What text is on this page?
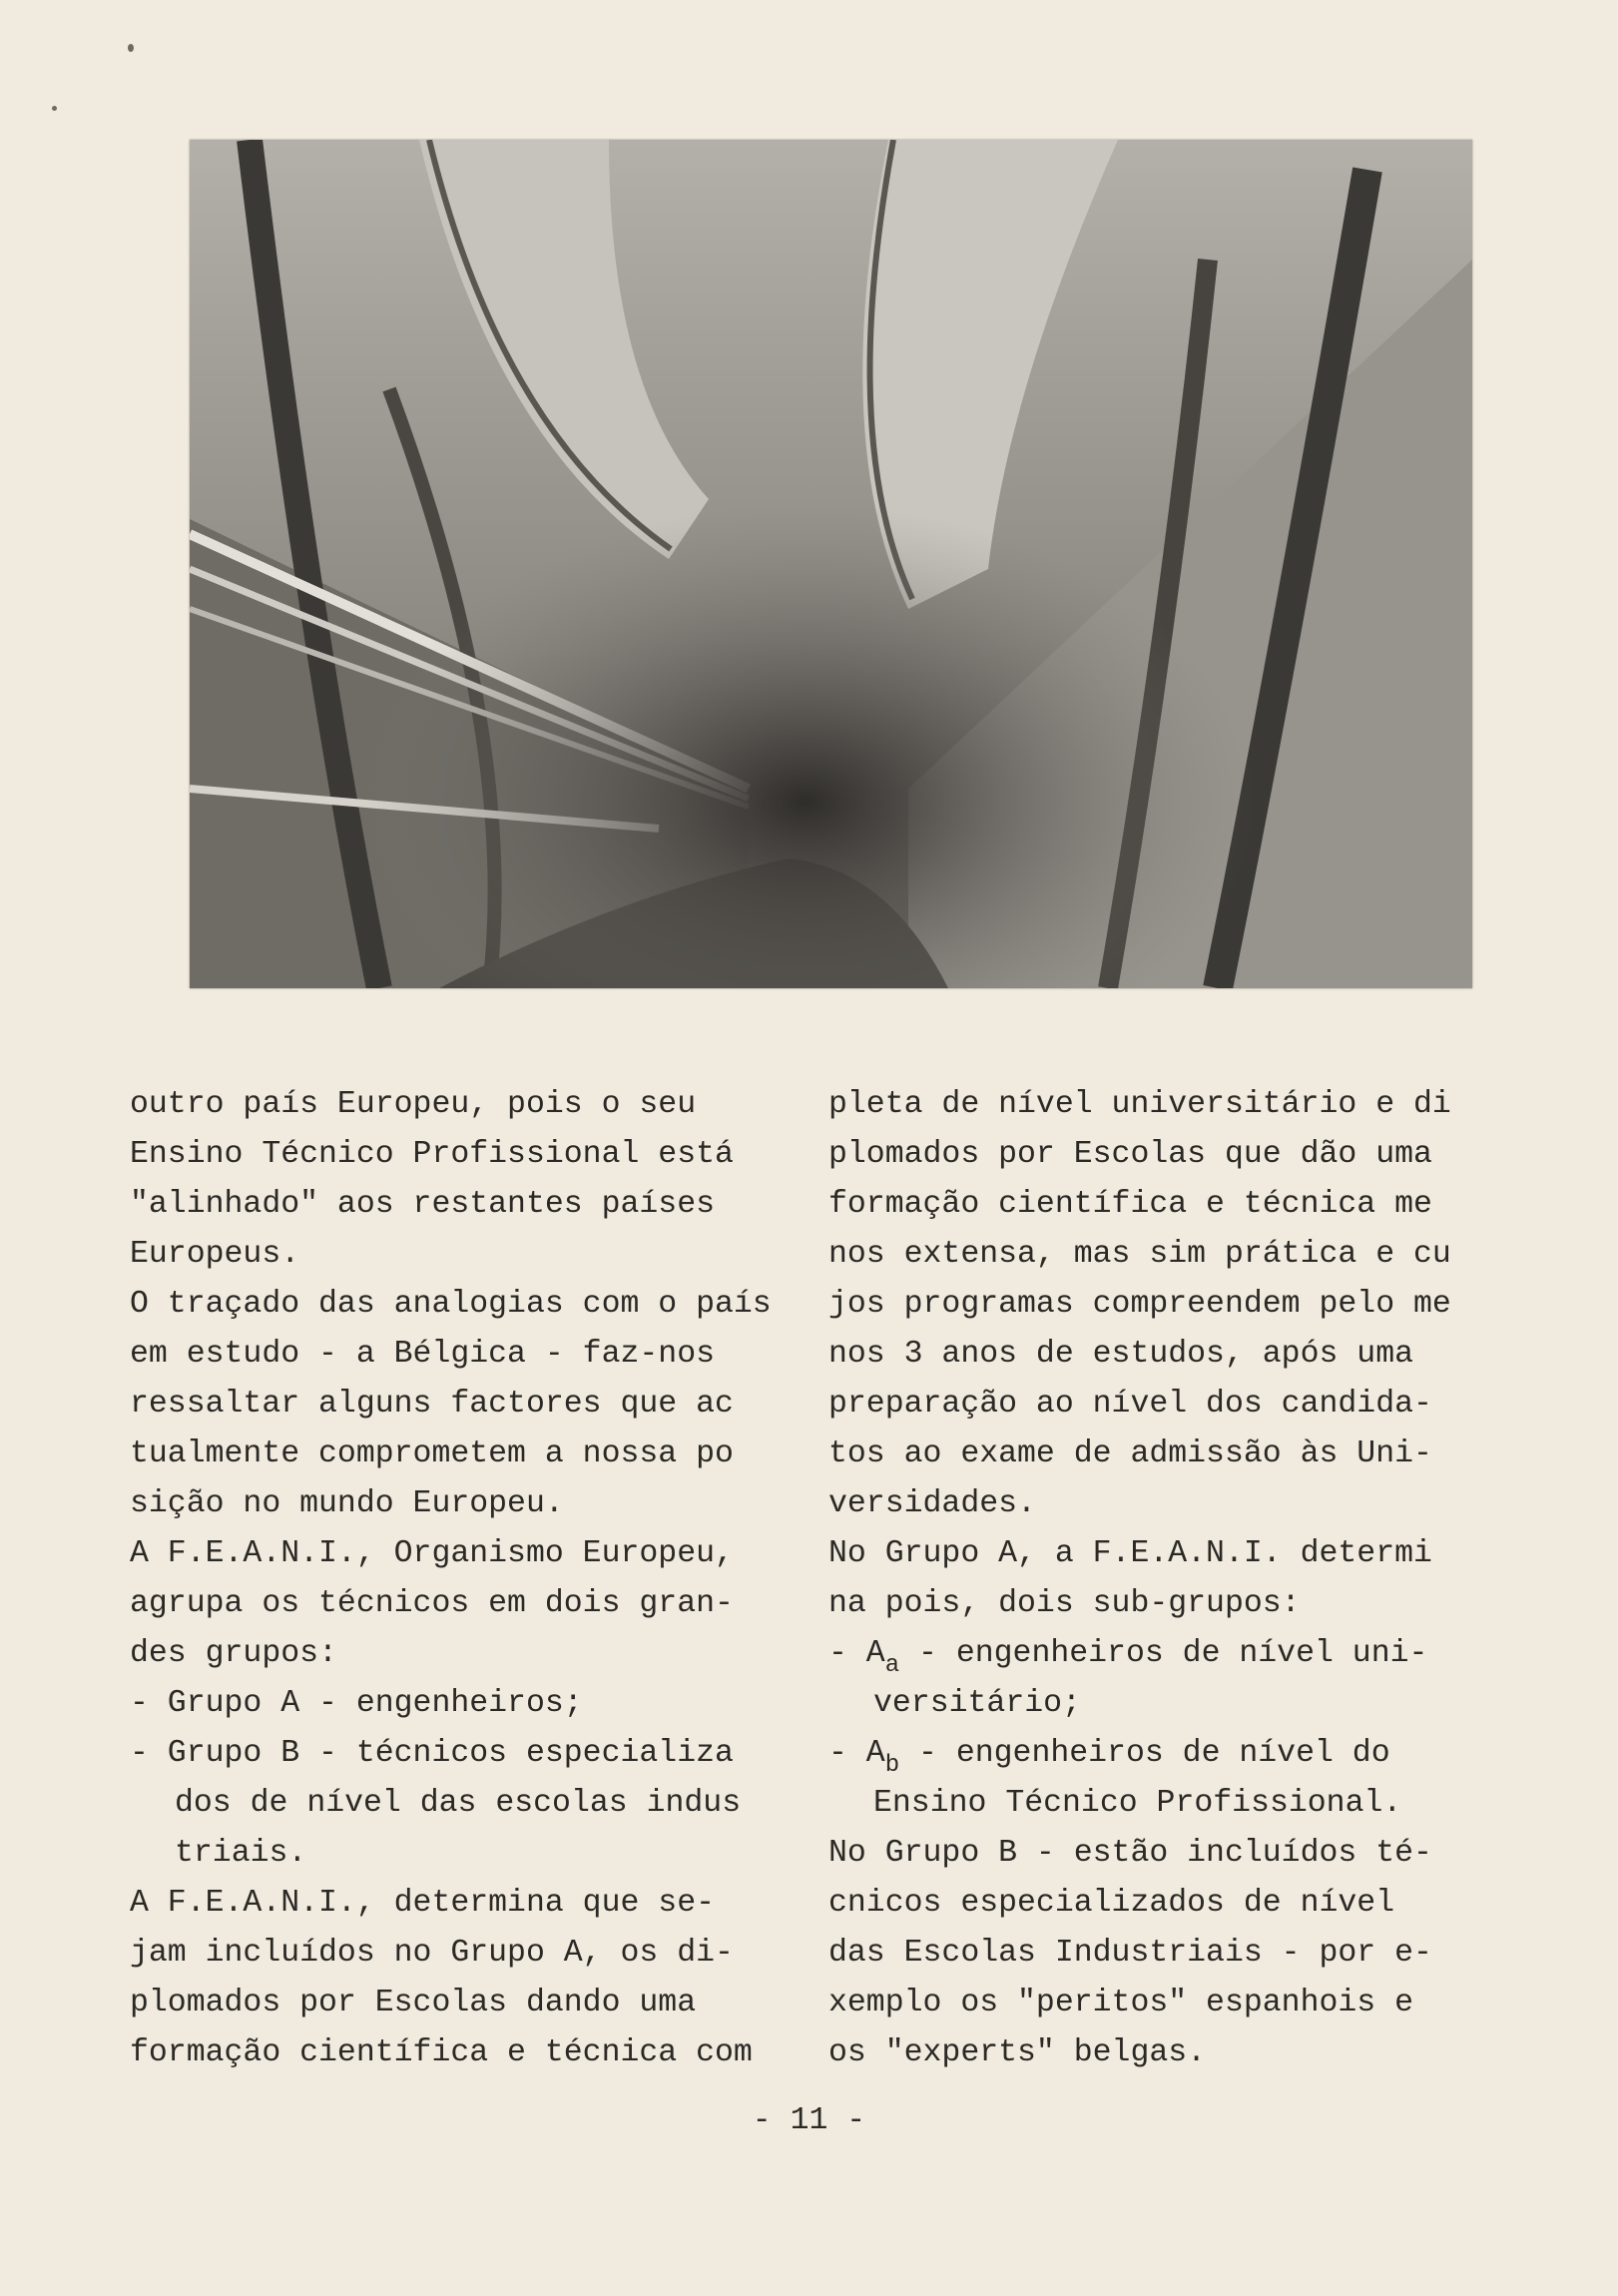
outro país Europeu, pois o seu
Ensino Técnico Profissional está
"alinhado" aos restantes países
Europeus.
O traçado das analogias com o país
em estudo - a Bélgica - faz-nos
ressaltar alguns factores que ac
tualmente comprometem a nossa po
sição no mundo Europeu.
A F.E.A.N.I., Organismo Europeu,
agrupa os técnicos em dois gran-
des grupos:
- Grupo A - engenheiros;
- Grupo B - técnicos especializa
dos de nível das escolas indus
triais.
A F.E.A.N.I., determina que se-
jam incluídos no Grupo A, os di-
plomados por Escolas dando uma
formação científica e técnica com
pleta de nível universitário e di
plomados por Escolas que dão uma
formação científica e técnica me
nos extensa, mas sim prática e cu
jos programas compreendem pelo me
nos 3 anos de estudos, após uma
preparação ao nível dos candida-
tos ao exame de admissão às Uni-
versidades.
No Grupo A, a F.E.A.N.I. determi
na pois, dois sub-grupos:
- $A_a$ - engenheiros de nível uni-
versitário;
- $A_b$ - engenheiros de nível do
Ensino Técnico Profissional.
No Grupo B - estão incluídos té-
cnicos especializados de nível
das Escolas Industriais - por e-
xemplo os "peritos" espanhois e
os "experts" belgas.
- 11 -
